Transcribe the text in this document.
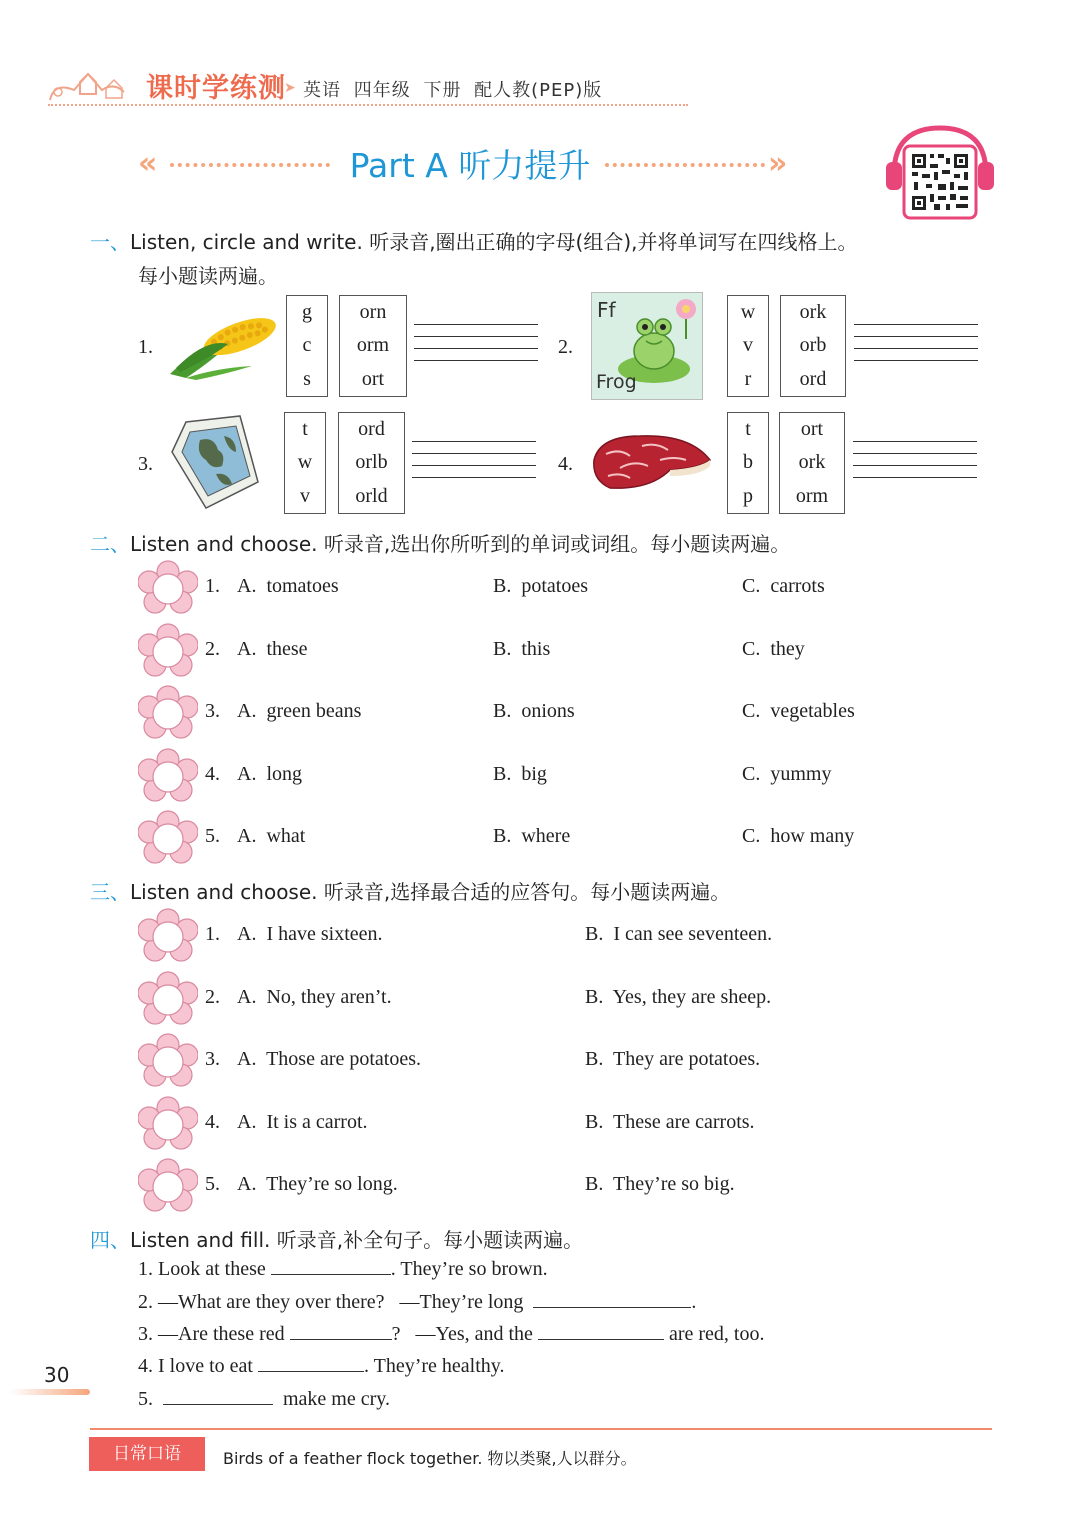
课时学练测
➤ 英语 四年级 下册 配人教(PEP)版
«	Part A 听力提升	»
一、Listen, circle and write. 听录音,圈出正确的字母(组合),并将单词写在四线格上。
每小题读两遍。
1.
g
c
s
orn
orm
ort
2.
Ff
Frog
w
v
r
ork
orb
ord
3.
t
w
v
ord
orlb
orld
4.
t
b
p
ort
ork
orm
二、Listen and choose. 听录音,选出你所听到的单词或词组。每小题读两遍。
1. A.  tomatoes	B.  potatoes	C.  carrots
2. A.  these	B.  this	C.  they
3. A.  green beans	B.  onions	C.  vegetables
4. A.  long	B.  big	C.  yummy
5. A.  what	B.  where	C.  how many
三、Listen and choose. 听录音,选择最合适的应答句。每小题读两遍。
1. A.  I have sixteen.	B.  I can see seventeen.
2. A.  No, they aren’t.	B.  Yes, they are sheep.
3. A.  Those are potatoes.	B.  They are potatoes.
4. A.  It is a carrot.	B.  These are carrots.
5. A.  They’re so long.	B.  They’re so big.
四、Listen and fill. 听录音,补全句子。每小题读两遍。
1. Look at these	. They’re so brown.
2. —What are they over there? —They’re long	.
3. —Are these red	? —Yes, and the	are red, too.
4. I love to eat	. They’re healthy.
5.	make me cry.
30
日常口语	Birds of a feather flock together. 物以类聚,人以群分。
